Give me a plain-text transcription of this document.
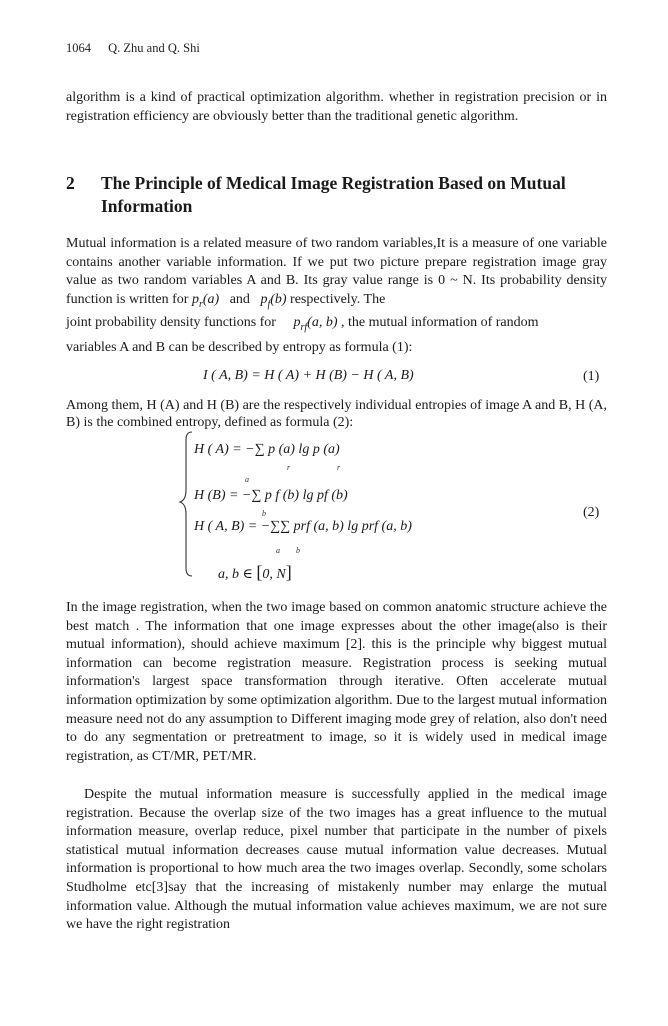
1064 Q. Zhu and Q. Shi

algorithm is a kind of practical optimization algorithm. whether in registration precision or in registration efficiency are obviously better than the traditional genetic algorithm.

2 The Principle of Medical Image Registration Based on Mutual Information

Mutual information is a related measure of two random variables,It is a measure of one variable contains another variable information. If we put two picture prepare registration image gray value as two random variables A and B. Its gray value range is 0 ~ N. Its probability density function is written for $p_r(a)$ and $p_f(b)$ respectively. The

joint probability density functions for $p_{rf}(a$, b) , the mutual information of random
variables A and B can be described by entropy as formula (1):
I ( A, B) = H ( A) + H (B) − H ( A, B)	(1)

Among them, H (A) and H (B) are the respectively individual entropies of image A and B, H (A, B) is the combined entropy, defined as formula (2):

H ( A) = −∑ p (a) lg p (a)
a
r	r
H (B) = −∑ p f (b) lg pf (b)
b
H ( A, B) = −∑∑ prf (a, b) lg prf (a, b)
a b
a, b ∈ [0, N]
(2)

In the image registration, when the two image based on common anatomic structure achieve the best match . The information that one image expresses about the other image(also is their mutual information), should achieve maximum [2]. this is the principle why biggest mutual information can become registration measure. Registration process is seeking mutual information's largest space transformation through iterative. Often accelerate mutual information optimization by some optimization algorithm. Due to the largest mutual information measure need not do any assumption to Different imaging mode grey of relation, also don't need to do any segmentation or pretreatment to image, so it is widely used in medical image registration, as CT/MR, PET/MR.

Despite the mutual information measure is successfully applied in the medical image registration. Because the overlap size of the two images has a great influence to the mutual information measure, overlap reduce, pixel number that participate in the number of pixels statistical mutual information decreases cause mutual information value decreases. Mutual information is proportional to how much area the two images overlap. Secondly, some scholars Studholme etc[3]say that the increasing of mistakenly number may enlarge the mutual information value. Although the mutual information value achieves maximum, we are not sure we have the right registration
